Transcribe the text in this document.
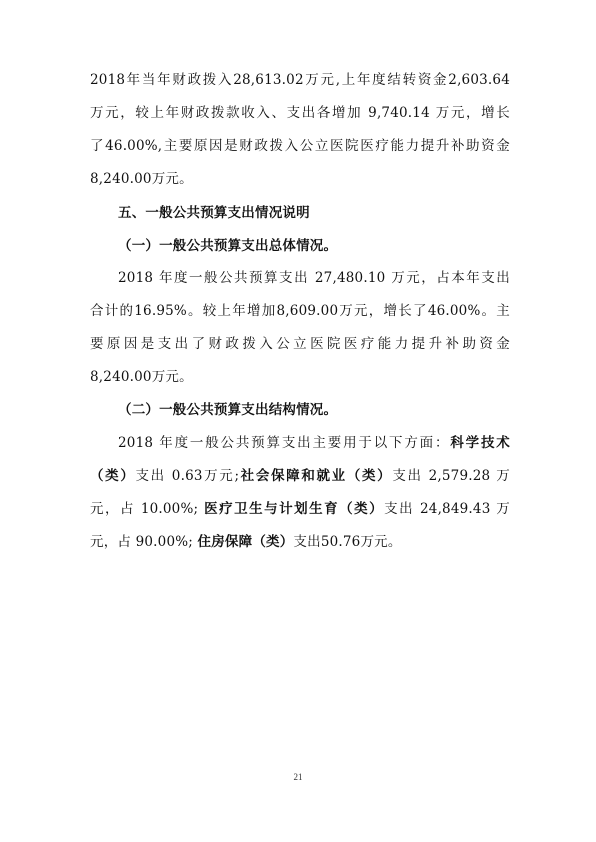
2018年当年财政拨入28,613.02万元,上年度结转资金2,603.64
万元，较上年财政拨款收入、支出各增加 9,740.14 万元，增长
了46.00%,主要原因是财政拨入公立医院医疗能力提升补助资金
8,240.00万元。
五、一般公共预算支出情况说明
（一）一般公共预算支出总体情况。
2018 年度一般公共预算支出 27,480.10 万元，占本年支出
合计的16.95%。较上年增加8,609.00万元，增长了46.00%。主
要原因是支出了财政拨入公立医院医疗能力提升补助资金
8,240.00万元。
（二）一般公共预算支出结构情况。
2018 年度一般公共预算支出主要用于以下方面：科学技术
（类）支出 0.63万元;社会保障和就业（类）支出 2,579.28 万
元，占 10.00%; 医疗卫生与计划生育（类）支出 24,849.43 万
元，占 90.00%; 住房保障（类）支出50.76万元。
21
